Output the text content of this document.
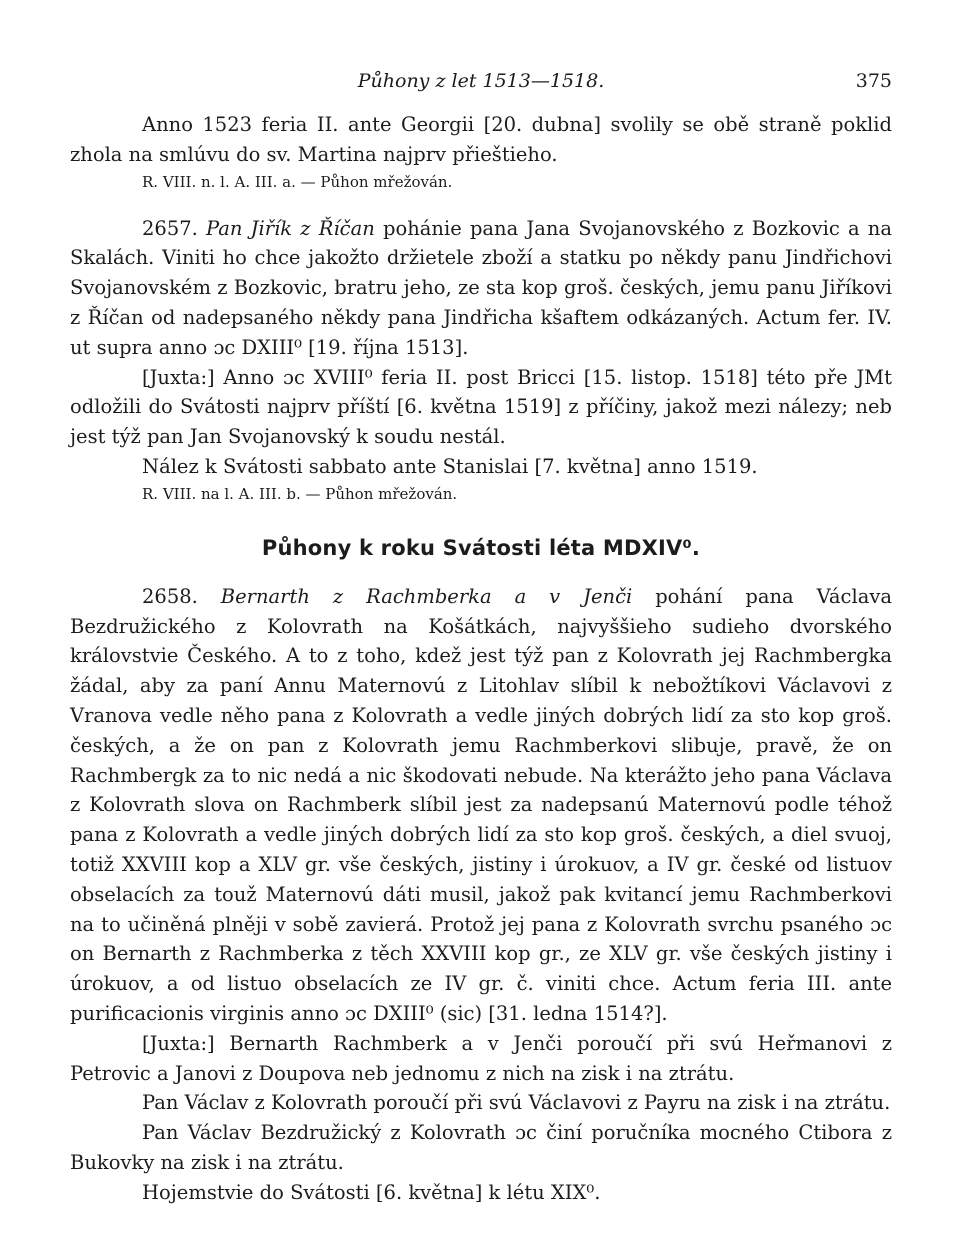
Půhony z let 1513—1518.	375

Anno 1523 feria II. ante Georgii [20. dubna] svolily se obě straně poklid zhola na smlúvu do sv. Martina najprv přieštieho.

R. VIII. n. l. A. III. a. — Půhon mřežován.

2657. Pan Jiřík z Říčan pohánie pana Jana Svojanovského z Bozkovic a na Skalách. Viniti ho chce jakožto držietele zboží a statku po někdy panu Jindřichovi Svojanovském z Bozkovic, bratru jeho, ze sta kop groš. českých, jemu panu Jiříkovi z Říčan od nadepsaného někdy pana Jindřicha kšaftem odkázaných. Actum fer. IV. ut supra anno ɔc DXIII⁰ [19. října 1513].

[Juxta:] Anno ɔc XVIII⁰ feria II. post Bricci [15. listop. 1518] této pře JMt odložili do Svátosti najprv příští [6. května 1519] z příčiny, jakož mezi nálezy; neb jest týž pan Jan Svojanovský k soudu nestál.

Nález k Svátosti sabbato ante Stanislai [7. května] anno 1519.

R. VIII. na l. A. III. b. — Půhon mřežován.

Půhony k roku Svátosti léta MDXIV⁰.

2658. Bernarth z Rachmberka a v Jenči pohání pana Václava Bezdružického z Kolovrath na Košátkách, najvyššieho sudieho dvorského královstvie Českého. A to z toho, kdež jest týž pan z Kolovrath jej Rachmbergka žádal, aby za paní Annu Maternovú z Litohlav slíbil k nebožtíkovi Václavovi z Vranova vedle něho pana z Kolovrath a vedle jiných dobrých lidí za sto kop groš. českých, a že on pan z Kolovrath jemu Rachmberkovi slibuje, pravě, že on Rachmbergk za to nic nedá a nic škodovati nebude. Na kterážto jeho pana Václava z Kolovrath slova on Rachmberk slíbil jest za nadepsanú Maternovú podle téhož pana z Kolovrath a vedle jiných dobrých lidí za sto kop groš. českých, a diel svuoj, totiž XXVIII kop a XLV gr. vše českých, jistiny i úrokuov, a IV gr. české od listuov obselacích za touž Maternovú dáti musil, jakož pak kvitancí jemu Rachmberkovi na to učiněná plněji v sobě zavierá. Protož jej pana z Kolovrath svrchu psaného ɔc on Bernarth z Rachmberka z těch XXVIII kop gr., ze XLV gr. vše českých jistiny i úrokuov, a od listuo obselacích ze IV gr. č. viniti chce. Actum feria III. ante purificacionis virginis anno ɔc DXIII⁰ (sic) [31. ledna 1514?].

[Juxta:] Bernarth Rachmberk a v Jenči poroučí při svú Heřmanovi z Petrovic a Janovi z Doupova neb jednomu z nich na zisk i na ztrátu.

Pan Václav z Kolovrath poroučí při svú Václavovi z Payru na zisk i na ztrátu.

Pan Václav Bezdružický z Kolovrath ɔc činí poručníka mocného Ctibora z Bukovky na zisk i na ztrátu.

Hojemstvie do Svátosti [6. května] k létu XIX⁰.
